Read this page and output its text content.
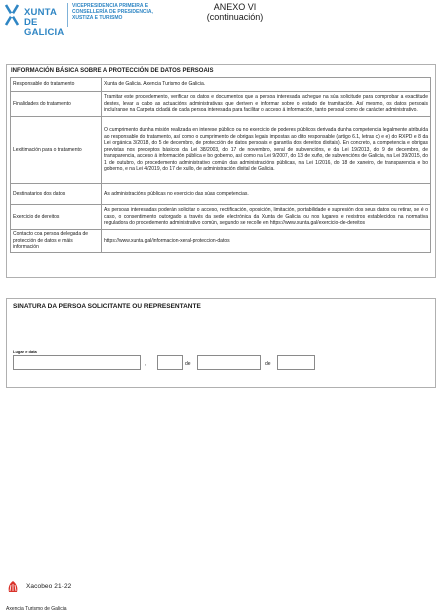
XUNTA
DE GALICIA
VICEPRESIDENCIA PRIMEIRA E
CONSELLERÍA DE PRESIDENCIA,
XUSTIZA E TURISMO
ANEXO VI
(continuación)
INFORMACIÓN BÁSICA SOBRE A PROTECCIÓN DE DATOS PERSOAIS
Responsable do tratamento	Xunta de Galicia. Axencia Turismo de Galicia.
Finalidades do tratamento	Tramitar este procedemento, verificar os datos e documentos que a persoa interesada achegue na súa solicitude para comprobar a exactitude destes, levar a cabo as actuacións administrativas que deriven e informar sobre o estado de tramitación. Así mesmo, os datos persoais incluíranse na Carpeta cidadá de cada persoa interesada para facilitar o acceso á información, tanto persoal como de carácter administrativo.
Lexitimación para o tratamento	O cumprimento dunha misión realizada en interese público ou no exercicio de poderes públicos derivada dunha competencia legalmente atribuída ao responsable do tratamento, así como o cumprimento de obrigas legais impostas ao dito responsable (artigo 6.1, letras c) e e) do RXPD e 8 da Lei orgánica 3/2018, do 5 de decembro, de protección de datos persoais e garantía dos dereitos dixitais). En concreto, a competencia e obrigas previstas nos preceptos básicos da Lei 38/2003, do 17 de novembro, xeral de subvencións, e da Lei 19/2013, do 9 de decembro, de transparencia, acceso á información pública e bo goberno, así como na Lei 9/2007, do 13 de xuño, de subvencións de Galicia, na Lei 39/2015, do 1 de outubro, do procedemento administrativo común das administracións públicas, na Lei 1/2016, do 18 de xaneiro, de transparencia e bo goberno, e na Lei 4/2019, do 17 de xullo, de administración dixital de Galicia.
Destinatarios dos datos	As administracións públicas no exercicio das súas competencias.
Exercicio de dereitos	As persoas interesadas poderán solicitar o acceso, rectificación, oposición, limitación, portabilidade e supresión dos seus datos ou retirar, se é o caso, o consentimento outorgado a través da sede electrónica da Xunta de Galicia ou nos lugares e rexistros establecidos na normativa reguladora do procedemento administrativo común, segundo se recolle en https://www.xunta.gal/exercicio-de-dereitos
Contacto coa persoa delegada de protección de datos e máis información	https://www.xunta.gal/informacion-xeral-proteccion-datos
SINATURA DA PERSOA SOLICITANTE OU REPRESENTANTE
Lugar e data
,	de	de
Xacobeo 21·22
Axencia Turismo de Galicia
